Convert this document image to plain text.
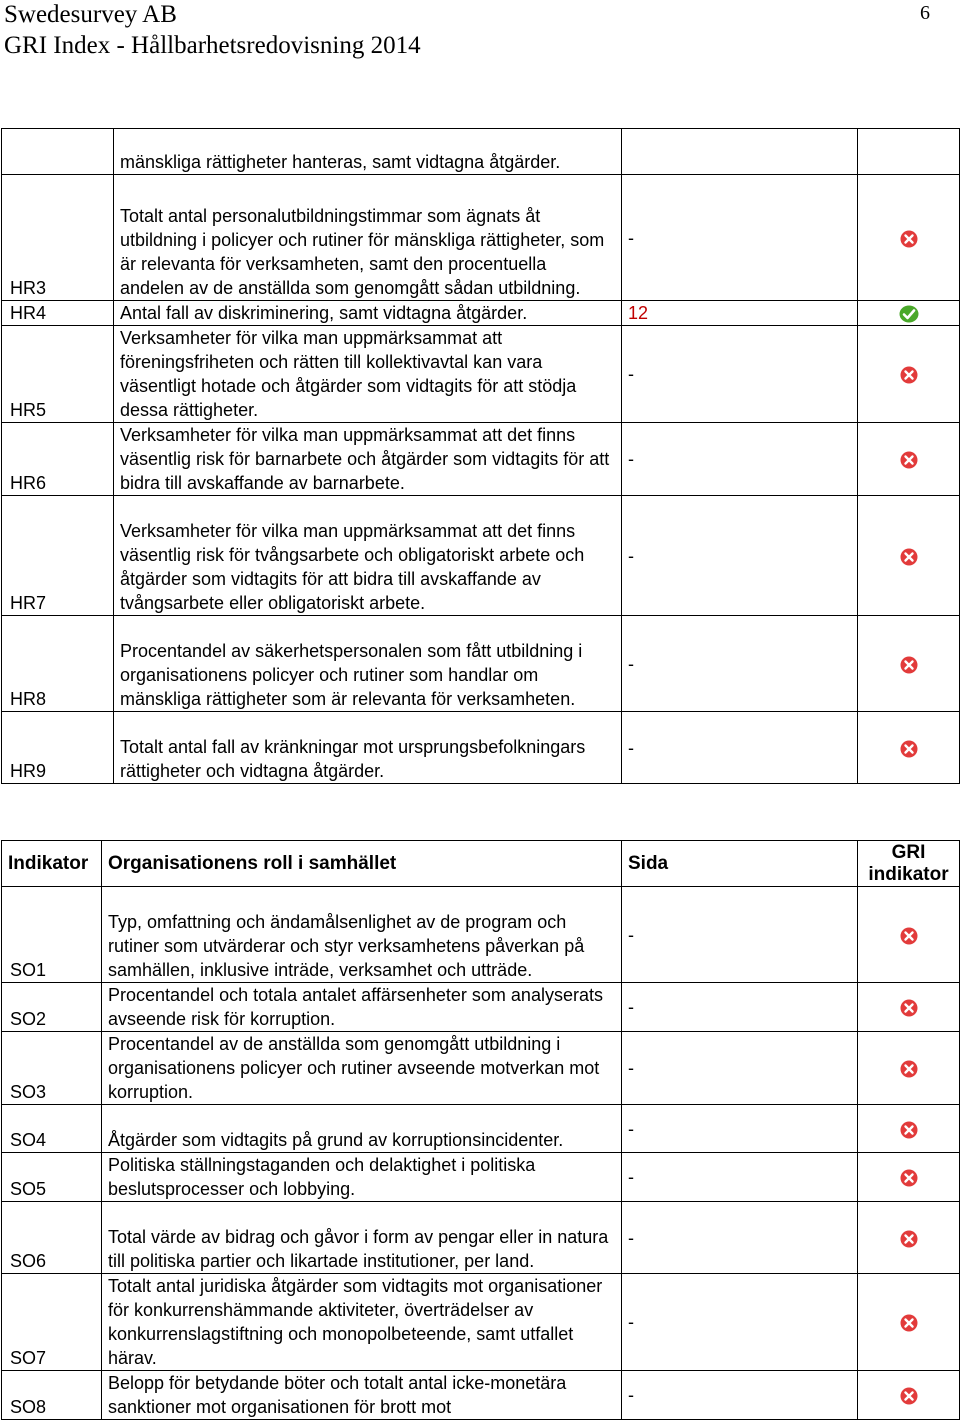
Swedesurvey AB
GRI Index - Hållbarhetsredovisning 2014
6
	mänskliga rättigheter hanteras, samt vidtagna åtgärder.		
HR3	Totalt antal personalutbildningstimmar som ägnats åt utbildning i policyer och rutiner för mänskliga rättigheter, som är relevanta för verksamheten, samt den procentuella andelen av de anställda som genomgått sådan utbildning.	-	
HR4	Antal fall av diskriminering, samt vidtagna åtgärder.	12	
HR5	Verksamheter för vilka man uppmärksammat att föreningsfriheten och rätten till kollektivavtal kan vara väsentligt hotade och åtgärder som vidtagits för att stödja dessa rättigheter.	-	
HR6	Verksamheter för vilka man uppmärksammat att det finns väsentlig risk för barnarbete och åtgärder som vidtagits för att bidra till avskaffande av barnarbete.	-	
HR7	Verksamheter för vilka man uppmärksammat att det finns väsentlig risk för tvångsarbete och obligatoriskt arbete och åtgärder som vidtagits för att bidra till avskaffande av tvångsarbete eller obligatoriskt arbete.	-	
HR8	Procentandel av säkerhetspersonalen som fått utbildning i organisationens policyer och rutiner som handlar om mänskliga rättigheter som är relevanta för verksamheten.	-	
HR9	Totalt antal fall av kränkningar mot ursprungsbefolkningars rättigheter och vidtagna åtgärder.	-	
Indikator	Organisationens roll i samhället	Sida	GRI
indikator
SO1	Typ, omfattning och ändamålsenlighet av de program och rutiner som utvärderar och styr verksamhetens påverkan på samhällen, inklusive inträde, verksamhet och utträde.	-	
SO2	Procentandel och totala antalet affärsenheter som analyserats avseende risk för korruption.	-	
SO3	Procentandel av de anställda som genomgått utbildning i organisationens policyer och rutiner avseende motverkan mot korruption.	-	
SO4	Åtgärder som vidtagits på grund av korruptionsincidenter.	-	
SO5	Politiska ställningstaganden och delaktighet i politiska beslutsprocesser och lobbying.	-	
SO6	Total värde av bidrag och gåvor i form av pengar eller in natura till politiska partier och likartade institutioner, per land.	-	
SO7	Totalt antal juridiska åtgärder som vidtagits mot organisationer för konkurrenshämmande aktiviteter, överträdelser av konkurrenslagstiftning och monopolbeteende, samt utfallet härav.	-	
SO8	Belopp för betydande böter och totalt antal icke-monetära sanktioner mot organisationen för brott mot	-	
